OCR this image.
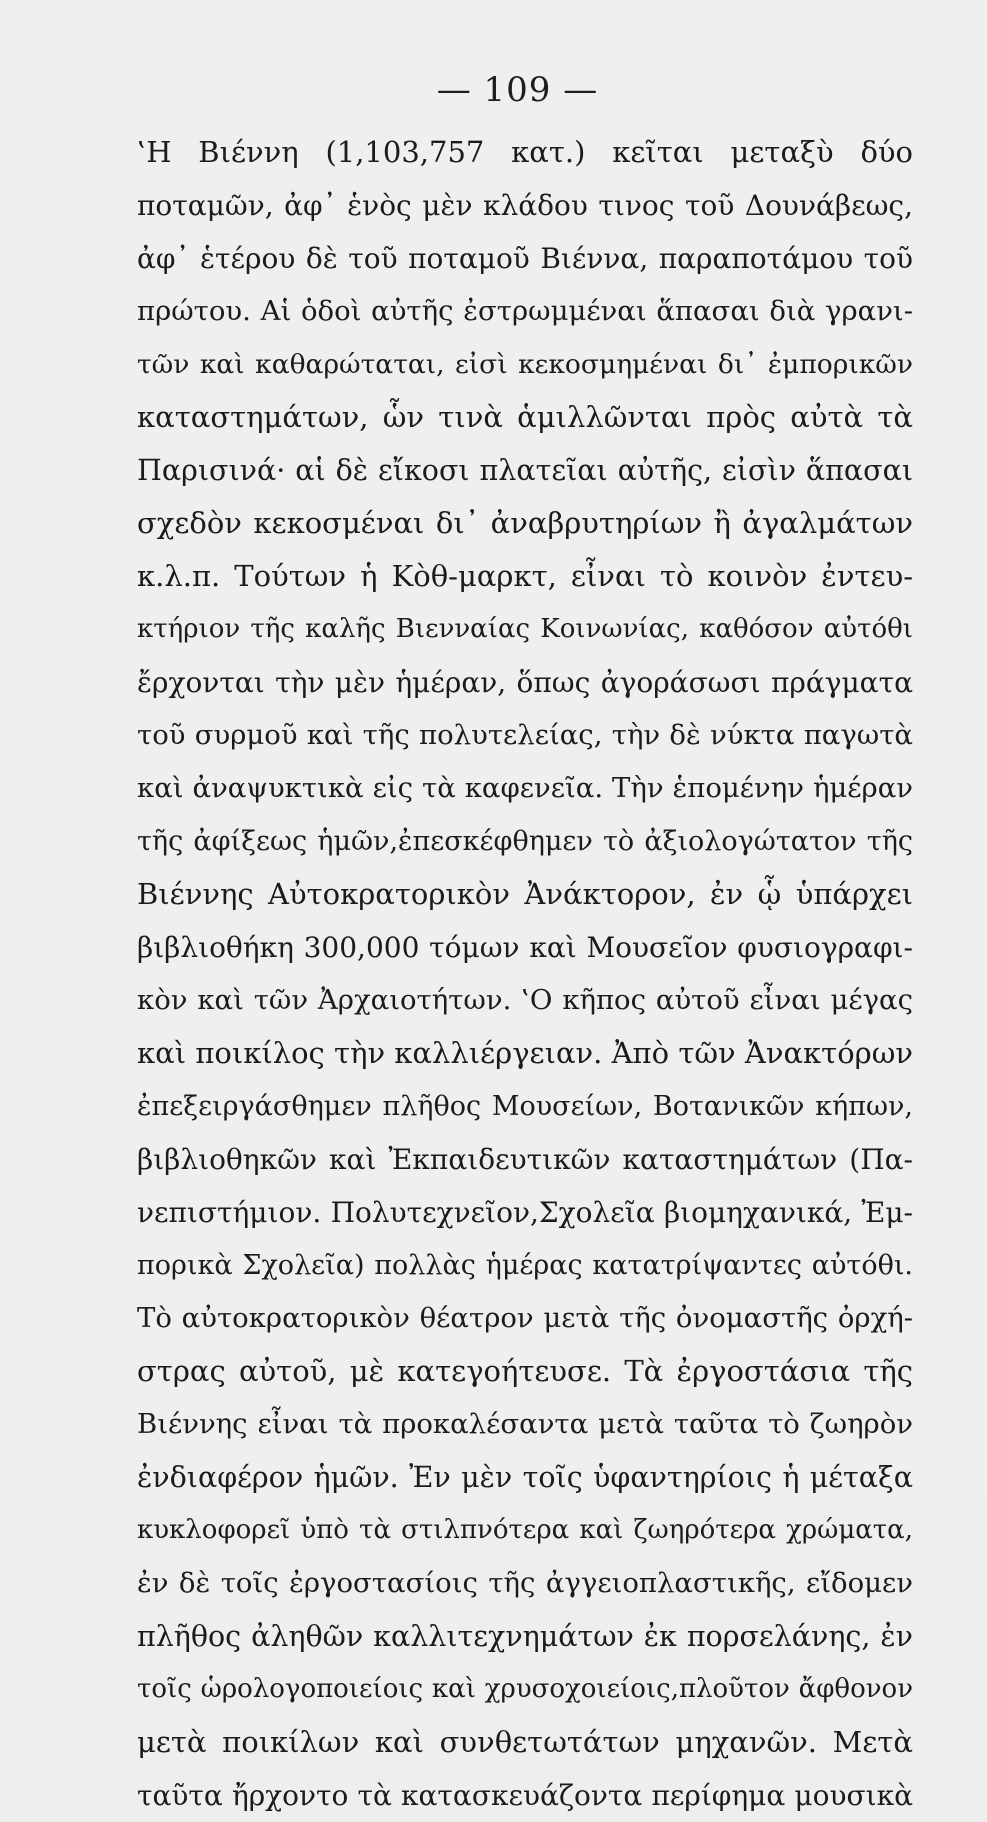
— 109 —
‛Η Βιέννη (1,103,757 κατ.) κεῖται μεταξὺ δύο
ποταμῶν, ἀφ᾽ ἑνὸς μὲν κλάδου τινος τοῦ Δουνάβεως,
ἀφ᾽ ἑτέρου δὲ τοῦ ποταμοῦ Βιέννα, παραποτάμου τοῦ
πρώτου. Αἱ ὁδοὶ αὐτῆς ἐστρωμμέναι ἅπασαι διὰ γρανι-
τῶν καὶ καθαρώταται, εἰσὶ κεκοσμημέναι δι᾽ ἐμπορικῶν
καταστημάτων, ὧν τινὰ ἁμιλλῶνται πρὸς αὐτὰ τὰ
Παρισινά· αἱ δὲ εἴκοσι πλατεῖαι αὐτῆς, εἰσὶν ἅπασαι
σχεδὸν κεκοσμέναι δι᾽ ἀναβρυτηρίων ἢ ἀγαλμάτων
κ.λ.π. Τούτων ἡ Κὸθ-μαρκτ, εἶναι τὸ κοινὸν ἐντευ-
κτήριον τῆς καλῆς Βιενναίας Κοινωνίας, καθόσον αὐτόθι
ἔρχονται τὴν μὲν ἡμέραν, ὅπως ἀγοράσωσι πράγματα
τοῦ συρμοῦ καὶ τῆς πολυτελείας, τὴν δὲ νύκτα παγωτὰ
καὶ ἀναψυκτικὰ εἰς τὰ καφενεῖα. Τὴν ἑπομένην ἡμέραν
τῆς ἀφίξεως ἡμῶν,ἐπεσκέφθημεν τὸ ἀξιολογώτατον τῆς
Βιέννης Αὐτοκρατορικὸν Ἀνάκτορον, ἐν ᾧ ὑπάρχει
βιβλιοθήκη 300,000 τόμων καὶ Μουσεῖον φυσιογραφι-
κὸν καὶ τῶν Ἀρχαιοτήτων. ‛Ο κῆπος αὐτοῦ εἶναι μέγας
καὶ ποικίλος τὴν καλλιέργειαν. Ἀπὸ τῶν Ἀνακτόρων
ἐπεξειργάσθημεν πλῆθος Μουσείων, Βοτανικῶν κήπων,
βιβλιοθηκῶν καὶ Ἐκπαιδευτικῶν καταστημάτων (Πα-
νεπιστήμιον. Πολυτεχνεῖον,Σχολεῖα βιομηχανικά, Ἐμ-
πορικὰ Σχολεῖα) πολλὰς ἡμέρας κατατρίψαντες αὐτόθι.
Τὸ αὐτοκρατορικὸν θέατρον μετὰ τῆς ὀνομαστῆς ὀρχή-
στρας αὐτοῦ, μὲ κατεγοήτευσε. Τὰ ἐργοστάσια τῆς
Βιέννης εἶναι τὰ προκαλέσαντα μετὰ ταῦτα τὸ ζωηρὸν
ἐνδιαφέρον ἡμῶν. Ἐν μὲν τοῖς ὑφαντηρίοις ἡ μέταξα
κυκλοφορεῖ ὑπὸ τὰ στιλπνότερα καὶ ζωηρότερα χρώματα,
ἐν δὲ τοῖς ἐργοστασίοις τῆς ἀγγειοπλαστικῆς, εἴδομεν
πλῆθος ἀληθῶν καλλιτεχνημάτων ἐκ πορσελάνης, ἐν
τοῖς ὡρολογοποιείοις καὶ χρυσοχοιείοις,πλοῦτον ἄφθονον
μετὰ ποικίλων καὶ συνθετωτάτων μηχανῶν. Μετὰ
ταῦτα ἤρχοντο τὰ κατασκευάζοντα περίφημα μουσικὰ
